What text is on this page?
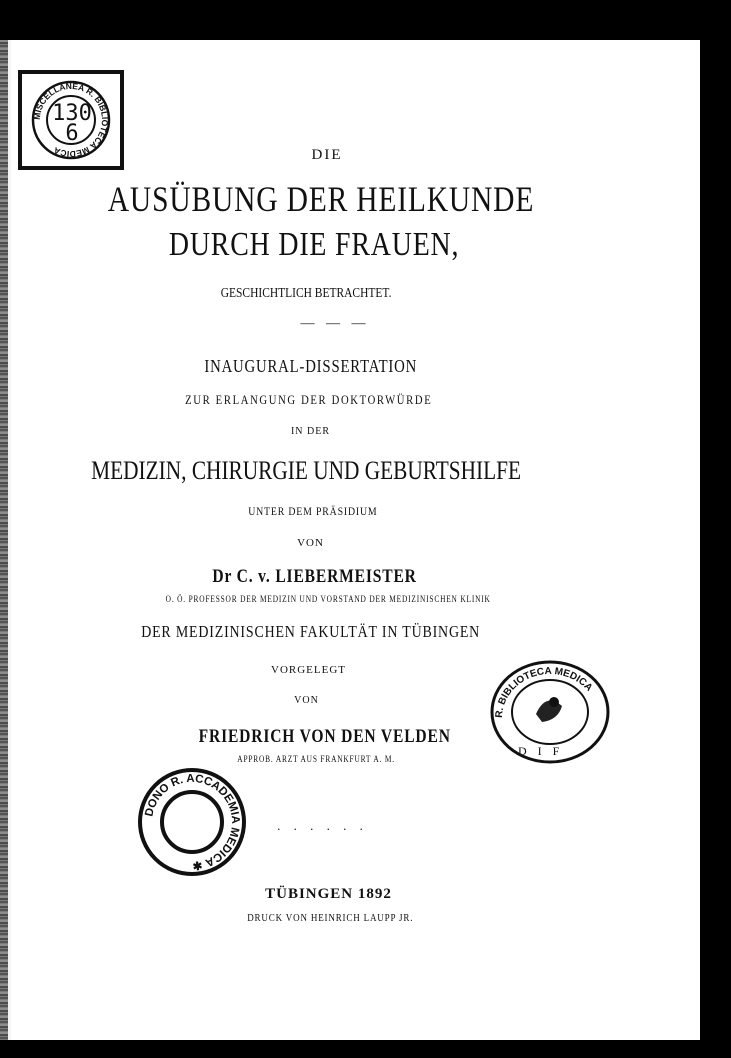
MISCELLANEA R. BIBLIOTECA MEDICA
130
6
DIE
AUSÜBUNG DER HEILKUNDE
DURCH DIE FRAUEN,
GESCHICHTLICH BETRACHTET.
— — —
INAUGURAL-DISSERTATION
ZUR ERLANGUNG DER DOKTORWÜRDE
IN DER
MEDIZIN, CHIRURGIE UND GEBURTSHILFE
UNTER DEM PRÄSIDIUM
VON
Dr C. v. LIEBERMEISTER
O. Ö. PROFESSOR DER MEDIZIN UND VORSTAND DER MEDIZINISCHEN KLINIK
DER MEDIZINISCHEN FAKULTÄT IN TÜBINGEN
VORGELEGT
VON
FRIEDRICH VON DEN VELDEN
APPROB. ARZT AUS FRANKFURT A. M.
. . . . . .
TÜBINGEN 1892
DRUCK VON HEINRICH LAUPP JR.
DONO R. ACCADEMIA MEDICA ✱
R. BIBLIOTECA MEDICA
D I F
